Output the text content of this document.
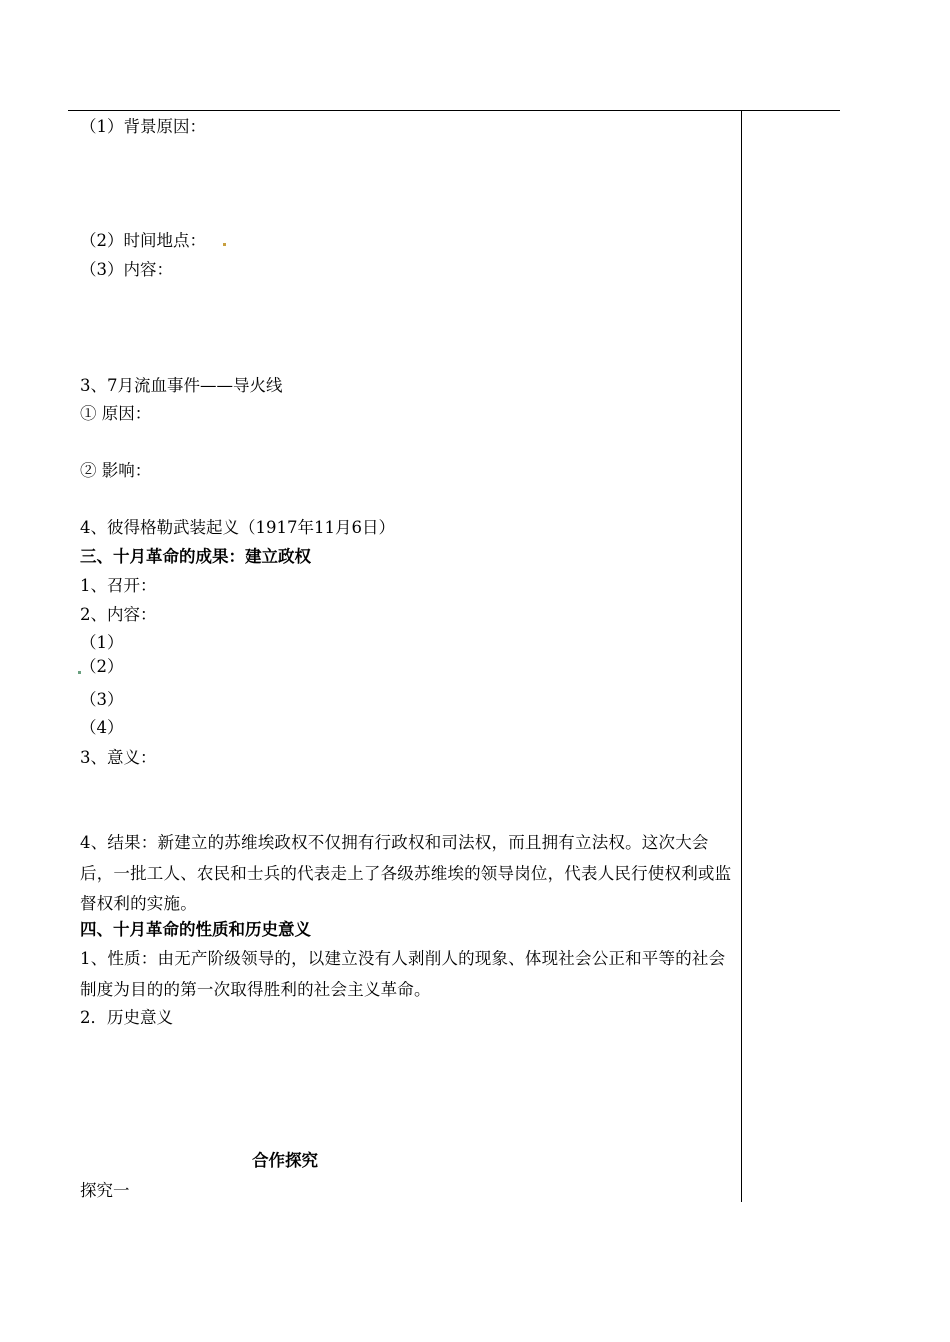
（1）背景原因：
（2）时间地点：
（3）内容：
3、7月流血事件——导火线
① 原因：
② 影响：
4、彼得格勒武装起义（1917年11月6日）
三、十月革命的成果：建立政权
1、召开：
2、内容：
（1）
（2）
（3）
（4）
3、意义：
4、结果：新建立的苏维埃政权不仅拥有行政权和司法权，而且拥有立法权。这次大会后，一批工人、农民和士兵的代表走上了各级苏维埃的领导岗位，代表人民行使权利或监督权利的实施。
四、十月革命的性质和历史意义
1、性质：由无产阶级领导的，以建立没有人剥削人的现象、体现社会公正和平等的社会制度为目的的第一次取得胜利的社会主义革命。
2．历史意义
合作探究
探究一
